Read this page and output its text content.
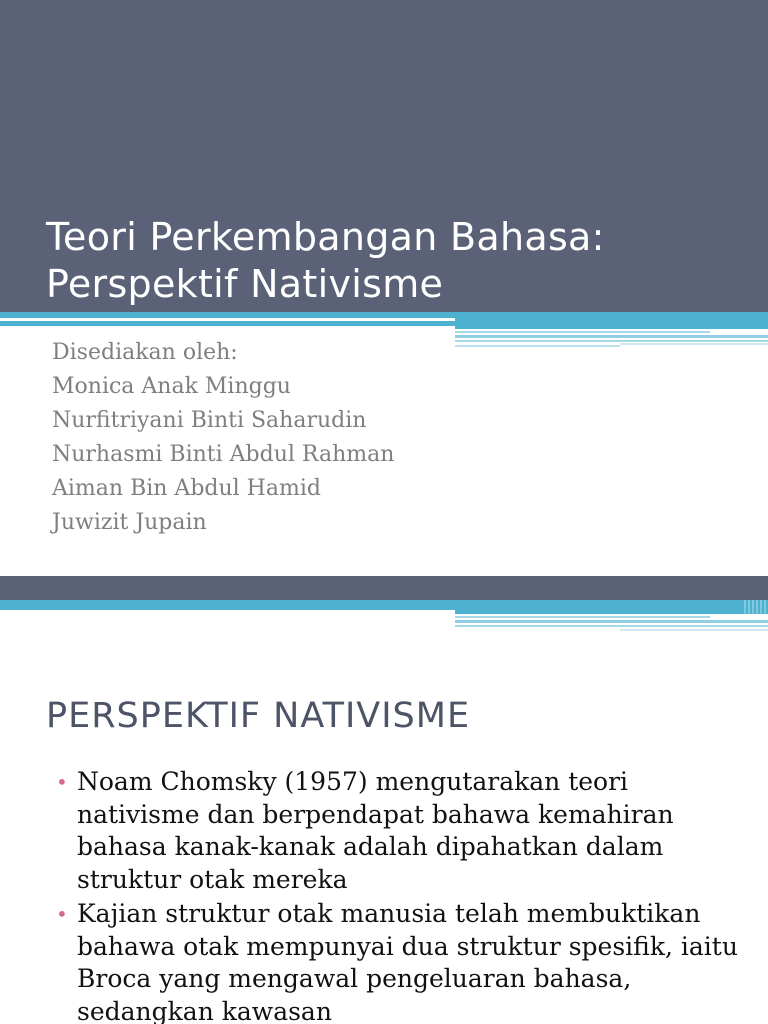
Teori Perkembangan Bahasa:
Perspektif Nativisme
Disediakan oleh:
Monica Anak Minggu
Nurfitriyani Binti Saharudin
Nurhasmi Binti Abdul Rahman
Aiman Bin Abdul Hamid
Juwizit Jupain
PERSPEKTIF NATIVISME
• Noam Chomsky (1957) mengutarakan teori nativisme dan berpendapat bahawa kemahiran bahasa kanak-kanak adalah dipahatkan dalam struktur otak mereka
• Kajian struktur otak manusia telah membuktikan bahawa otak mempunyai dua struktur spesifik, iaitu Broca yang mengawal pengeluaran bahasa, sedangkan kawasan
